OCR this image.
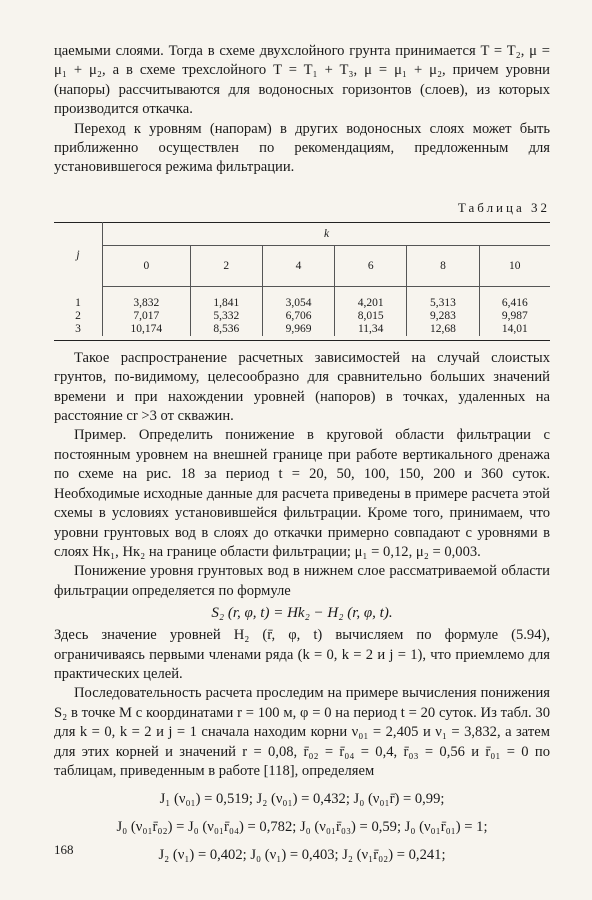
цаемыми слоями. Тогда в схеме двухслойного грунта принимается T = T₂, μ = μ₁ + μ₂, а в схеме трехслойного T = T₁ + T₃, μ = μ₁ + μ₂, причем уровни (напоры) рассчитываются для водоносных горизонтов (слоев), из которых производится откачка.

Переход к уровням (напорам) в других водоносных слоях может быть приближенно осуществлен по рекомендациям, предложенным для установившегося режима фильтрации.

Таблица 32
j	k					
	0	2	4	6	8	10
1	3,832	1,841	3,054	4,201	5,313	6,416
2	7,017	5,332	6,706	8,015	9,283	9,987
3	10,174	8,536	9,969	11,34	12,68	14,01

Такое распространение расчетных зависимостей на случай слоистых грунтов, по-видимому, целесообразно для сравнительно больших значений времени и при нахождении уровней (напоров) в точках, удаленных на расстояние cr >3 от скважин.

Пример. Определить понижение в круговой области фильтрации с постоянным уровнем на внешней границе при работе вертикального дренажа по схеме на рис. 18 за период t = 20, 50, 100, 150, 200 и 360 суток. Необходимые исходные данные для расчета приведены в примере расчета этой схемы в условиях установившейся фильтрации. Кроме того, принимаем, что уровни грунтовых вод в слоях до откачки примерно совпадают с уровнями в слоях Hк₁, Hк₂ на границе области фильтрации; μ₁ = 0,12, μ₂ = 0,003.

Понижение уровня грунтовых вод в нижнем слое рассматриваемой области фильтрации определяется по формуле

S₂ (r, φ, t) = Hk₂ − H₂ (r, φ, t).

Здесь значение уровней H₂ (r̄, φ, t) вычисляем по формуле (5.94), ограничиваясь первыми членами ряда (k = 0, k = 2 и j = 1), что приемлемо для практических целей.

Последовательность расчета проследим на примере вычисления понижения S₂ в точке M с координатами r = 100 м, φ = 0 на период t = 20 суток. Из табл. 30 для k = 0, k = 2 и j = 1 сначала находим корни ν₀₁ = 2,405 и ν₁ = 3,832, а затем для этих корней и значений r = 0,08, r̄₀₂ = r̄₀₄ = 0,4, r̄₀₃ = 0,56 и r̄₀₁ = 0 по таблицам, приведенным в работе [118], определяем

J₁ (ν₀₁) = 0,519; J₂ (ν₀₁) = 0,432; J₀ (ν₀₁r̄) = 0,99;
J₀ (ν₀₁r̄₀₂) = J₀ (ν₀₁r̄₀₄) = 0,782; J₀ (ν₀₁r̄₀₃) = 0,59; J₀ (ν₀₁r̄₀₁) = 1;
J₂ (ν₁) = 0,402; J₀ (ν₁) = 0,403; J₂ (ν₁r̄₀₂) = 0,241;
168
